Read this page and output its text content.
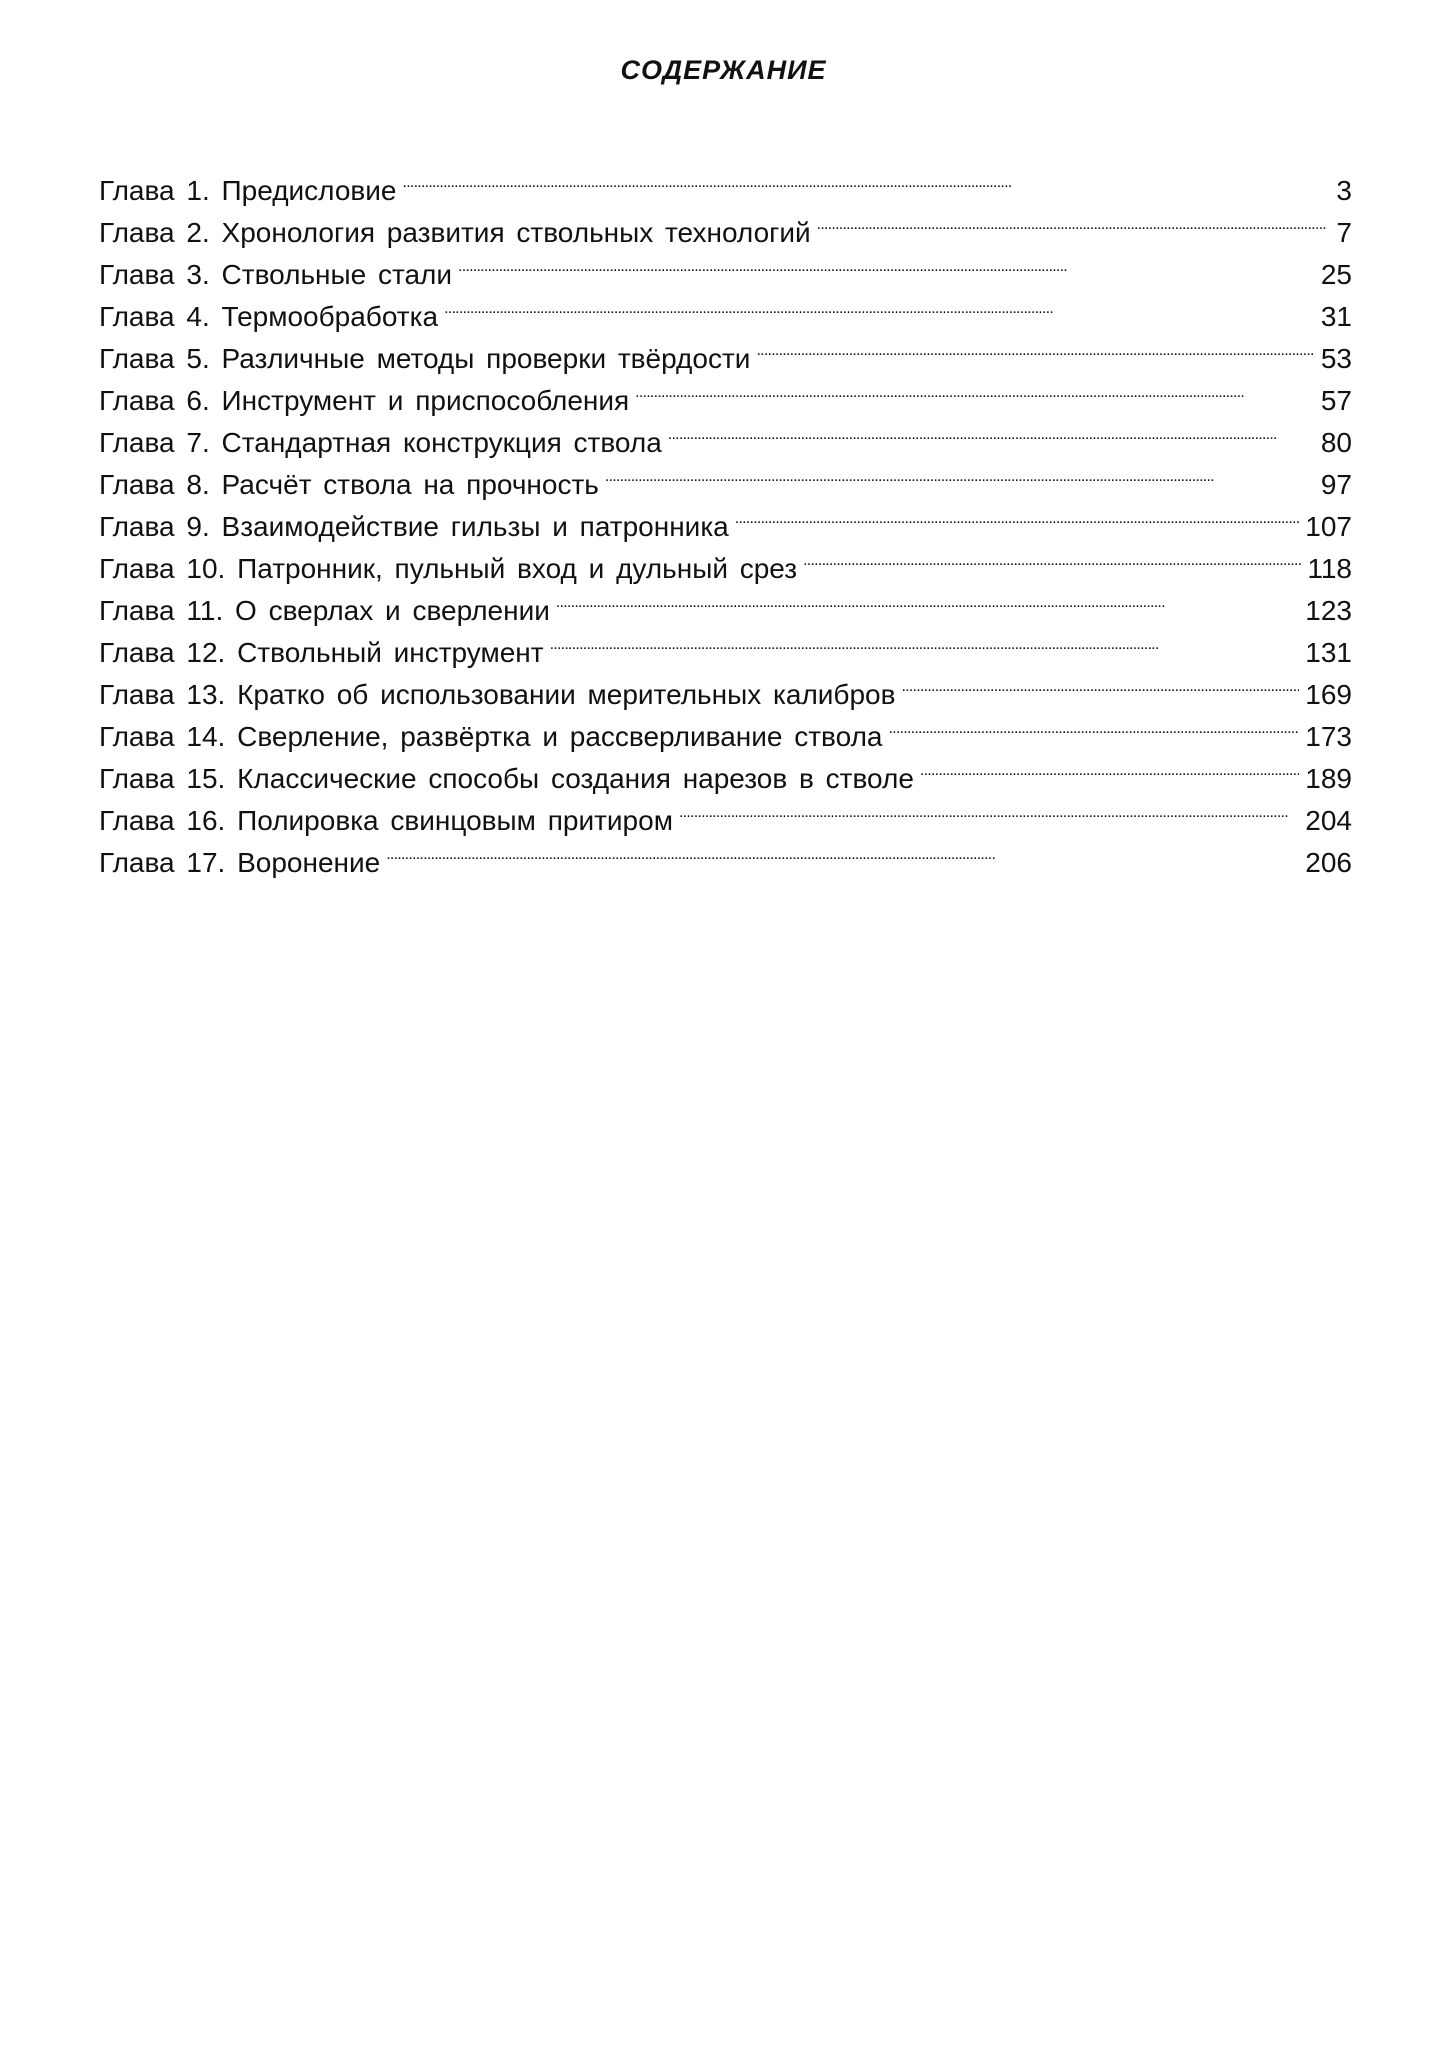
СОДЕРЖАНИЕ
Глава 1. Предисловие . . .	3
Глава 2. Хронология развития ствольных технологий . . .	7
Глава 3. Ствольные стали . . .	25
Глава 4. Термообработка . . .	31
Глава 5. Различные методы проверки твёрдости . . .	53
Глава 6. Инструмент и приспособления . . .	57
Глава 7. Стандартная конструкция ствола . . .	80
Глава 8. Расчёт ствола на прочность . . .	97
Глава 9. Взаимодействие гильзы и патронника . . .	107
Глава 10. Патронник, пульный вход и дульный срез . . .	118
Глава 11. О сверлах и сверлении . . .	123
Глава 12. Ствольный инструмент . . .	131
Глава 13. Кратко об использовании мерительных калибров . . .	169
Глава 14. Сверление, развёртка и рассверливание ствола . . .	173
Глава 15. Классические способы создания нарезов в стволе . . .	189
Глава 16. Полировка свинцовым притиром . . .	204
Глава 17. Воронение . . .	206
